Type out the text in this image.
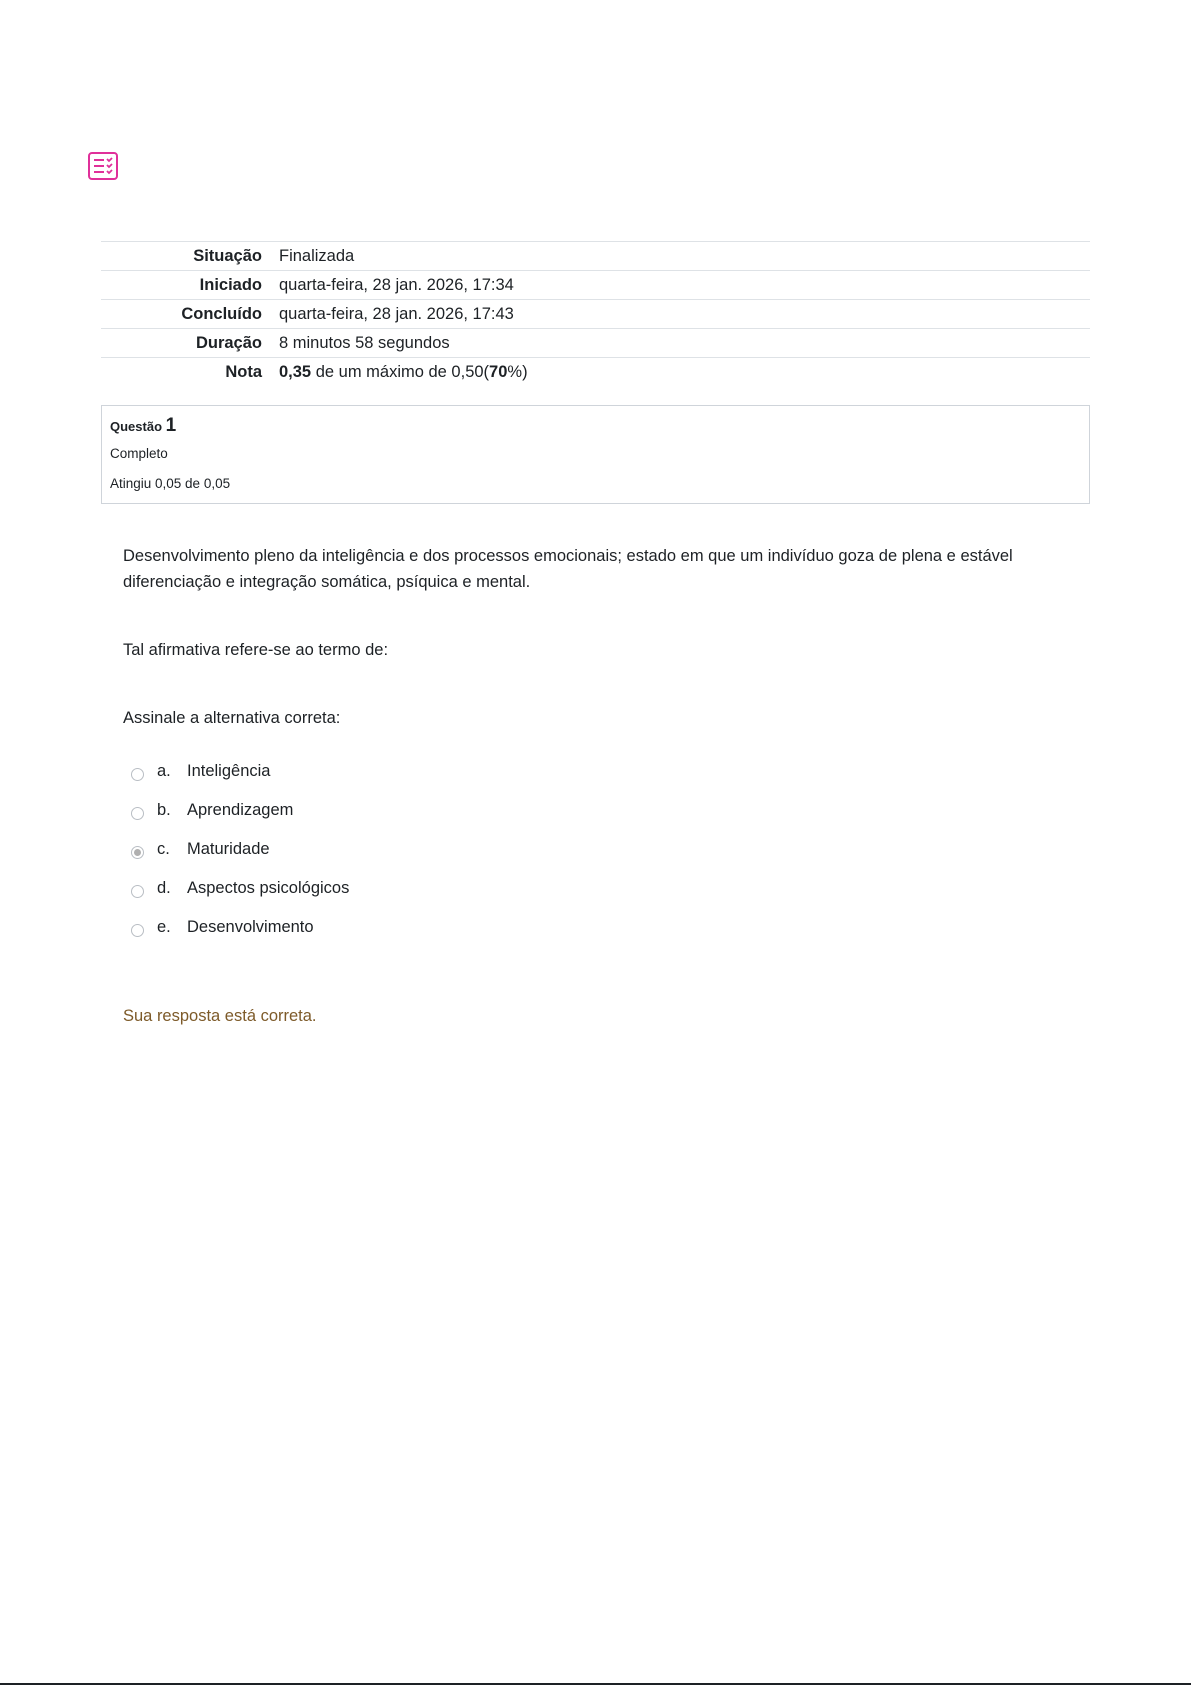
Situação	Finalizada
Iniciado	quarta-feira, 28 jan. 2026, 17:34
Concluído	quarta-feira, 28 jan. 2026, 17:43
Duração	8 minutos 58 segundos
Nota	0,35 de um máximo de 0,50(70%)
Questão 1
Completo
Atingiu 0,05 de 0,05
Desenvolvimento pleno da inteligência e dos processos emocionais; estado em que um indivíduo goza de plena e estável diferenciação e integração somática, psíquica e mental.
Tal afirmativa refere-se ao termo de:
Assinale a alternativa correta:
a. Inteligência
b. Aprendizagem
c. Maturidade
d. Aspectos psicológicos
e. Desenvolvimento
Sua resposta está correta.
